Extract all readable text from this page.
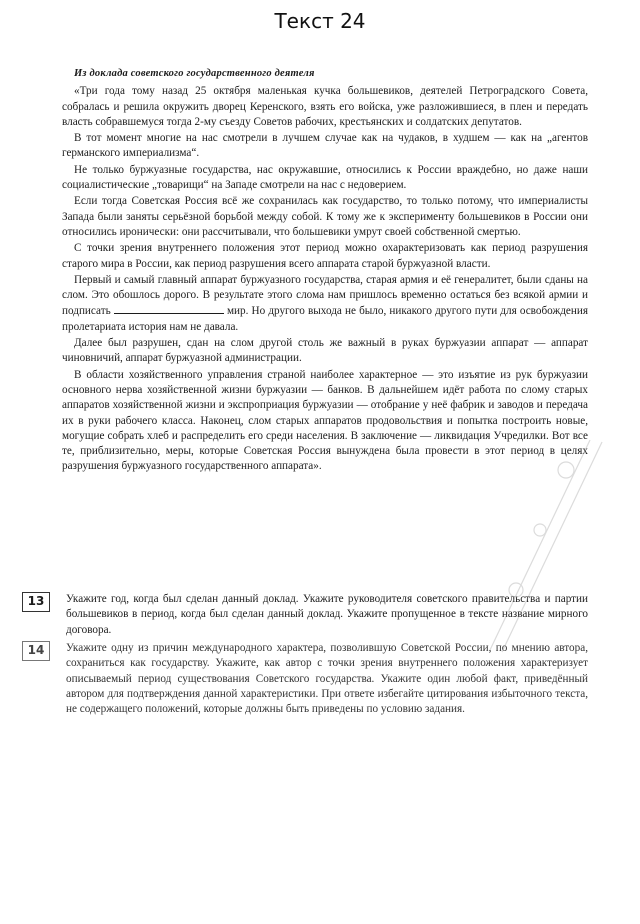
Текст 24
Из доклада советского государственного деятеля

«Три года тому назад 25 октября маленькая кучка большевиков, деятелей Петроградского Совета, собралась и решила окружить дворец Керенского, взять его войска, уже разложившиеся, в плен и передать власть собравшемуся тогда 2-му съезду Советов рабочих, крестьянских и солдатских депутатов.

В тот момент многие на нас смотрели в лучшем случае как на чудаков, в худшем — как на „агентов германского империализма“.

Не только буржуазные государства, нас окружавшие, относились к России враждебно, но даже наши социалистические „товарищи“ на Западе смотрели на нас с недоверием.

Если тогда Советская Россия всё же сохранилась как государство, то только потому, что империалисты Запада были заняты серьёзной борьбой между собой. К тому же к эксперименту большевиков в России они относились иронически: они рассчитывали, что большевики умрут своей собственной смертью.

С точки зрения внутреннего положения этот период можно охарактеризовать как период разрушения старого мира в России, как период разрушения всего аппарата старой буржуазной власти.

Первый и самый главный аппарат буржуазного государства, старая армия и её генералитет, были сданы на слом. Это обошлось дорого. В результате этого слома нам пришлось временно остаться без всякой армии и подписать	мир. Но другого выхода не было, никакого другого пути для освобождения пролетариата история нам не давала.

Далее был разрушен, сдан на слом другой столь же важный в руках буржуазии аппарат — аппарат чиновничий, аппарат буржуазной администрации.

В области хозяйственного управления страной наиболее характерное — это изъятие из рук буржуазии основного нерва хозяйственной жизни буржуазии — банков. В дальнейшем идёт работа по слому старых аппаратов хозяйственной жизни и экспроприация буржуазии — отобрание у неё фабрик и заводов и передача их в руки рабочего класса. Наконец, слом старых аппаратов продовольствия и попытка построить новые, могущие собрать хлеб и распределить его среди населения. В заключение — ликвидация Учредилки. Вот все те, приблизительно, меры, которые Советская Россия вынуждена была провести в этот период в целях разрушения буржуазного государственного аппарата».

13	Укажите год, когда был сделан данный доклад. Укажите руководителя советского правительства и партии большевиков в период, когда был сделан данный доклад. Укажите пропущенное в тексте название мирного договора.
14	Укажите одну из причин международного характера, позволившую Советской России, по мнению автора, сохраниться как государству. Укажите, как автор с точки зрения внутреннего положения характеризует описываемый период существования Советского государства. Укажите один любой факт, приведённый автором для подтверждения данной характеристики. При ответе избегайте цитирования избыточного текста, не содержащего положений, которые должны быть приведены по условию задания.
